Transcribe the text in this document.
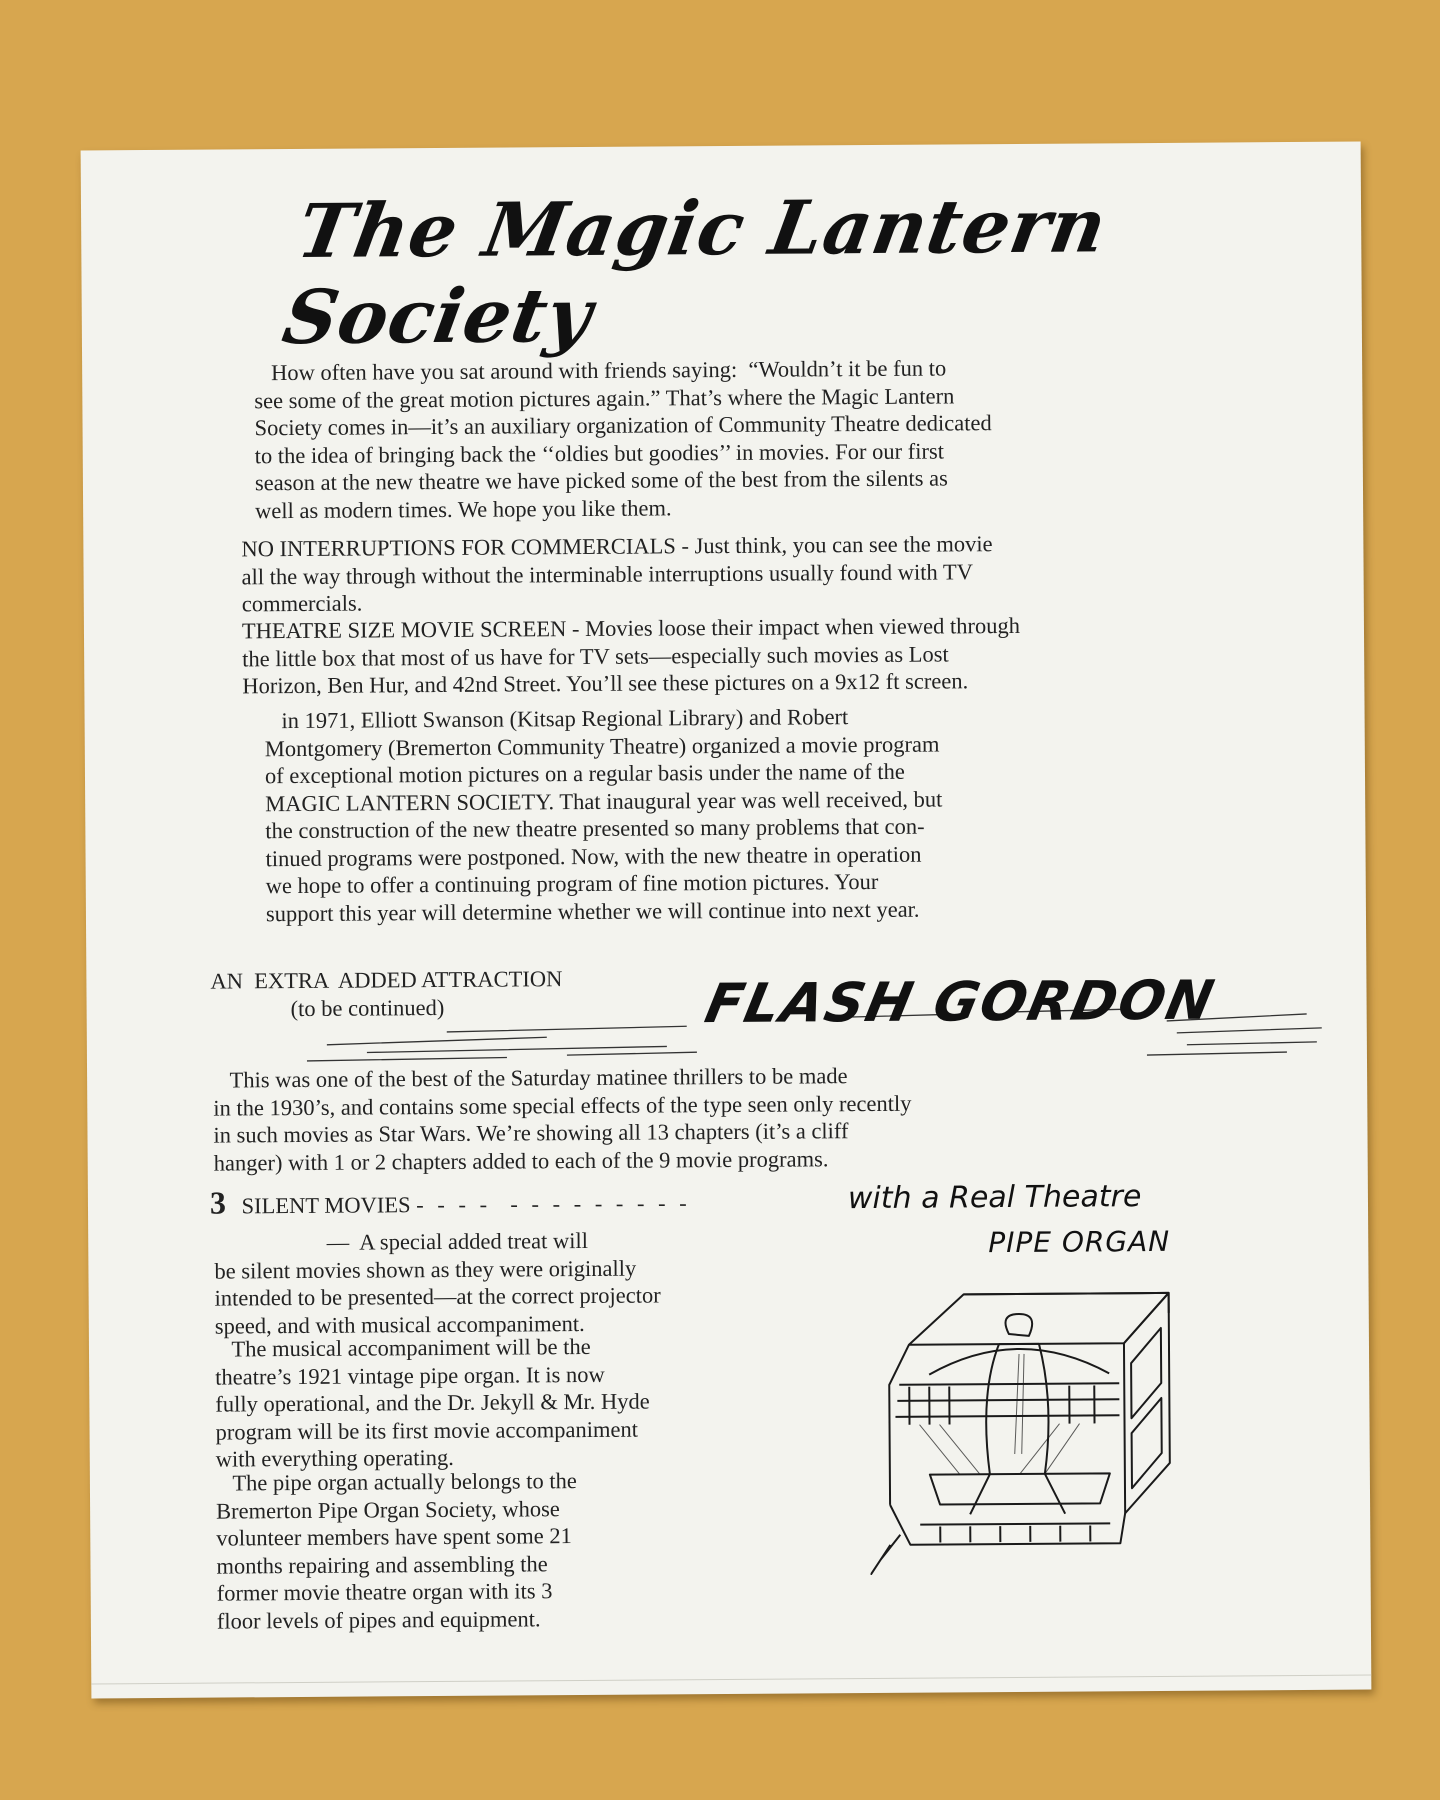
The Magic Lantern Society
How often have you sat around with friends saying:  “Wouldn’t it be fun to
see some of the great motion pictures again.” That’s where the Magic Lantern
Society comes in—it’s an auxiliary organization of Community Theatre dedicated
to the idea of bringing back the ‘‘oldies but goodies’’ in movies. For our first
season at the new theatre we have picked some of the best from the silents as
well as modern times. We hope you like them.
NO INTERRUPTIONS FOR COMMERCIALS - Just think, you can see the movie
all the way through without the interminable interruptions usually found with TV
commercials.
THEATRE SIZE MOVIE SCREEN - Movies loose their impact when viewed through
the little box that most of us have for TV sets—especially such movies as Lost
Horizon, Ben Hur, and 42nd Street. You’ll see these pictures on a 9x12 ft screen.
in 1971, Elliott Swanson (Kitsap Regional Library) and Robert
Montgomery (Bremerton Community Theatre) organized a movie program
of exceptional motion pictures on a regular basis under the name of the
MAGIC LANTERN SOCIETY. That inaugural year was well received, but
the construction of the new theatre presented so many problems that con-
tinued programs were postponed. Now, with the new theatre in operation
we hope to offer a continuing program of fine motion pictures. Your
support this year will determine whether we will continue into next year.
AN  EXTRA  ADDED ATTRACTION
(to be continued)	FLASH GORDON
This was one of the best of the Saturday matinee thrillers to be made
in the 1930’s, and contains some special effects of the type seen only recently
in such movies as Star Wars. We’re showing all 13 chapters (it’s a cliff
hanger) with 1 or 2 chapters added to each of the 9 movie programs.
3 SILENT MOVIES - - - -  - - - - - - - - -	with a Real Theatre
PIPE ORGAN
—  A special added treat will
be silent movies shown as they were originally
intended to be presented—at the correct projector
speed, and with musical accompaniment.
The musical accompaniment will be the
theatre’s 1921 vintage pipe organ. It is now
fully operational, and the Dr. Jekyll & Mr. Hyde
program will be its first movie accompaniment
with everything operating.
The pipe organ actually belongs to the
Bremerton Pipe Organ Society, whose
volunteer members have spent some 21
months repairing and assembling the
former movie theatre organ with its 3
floor levels of pipes and equipment.
